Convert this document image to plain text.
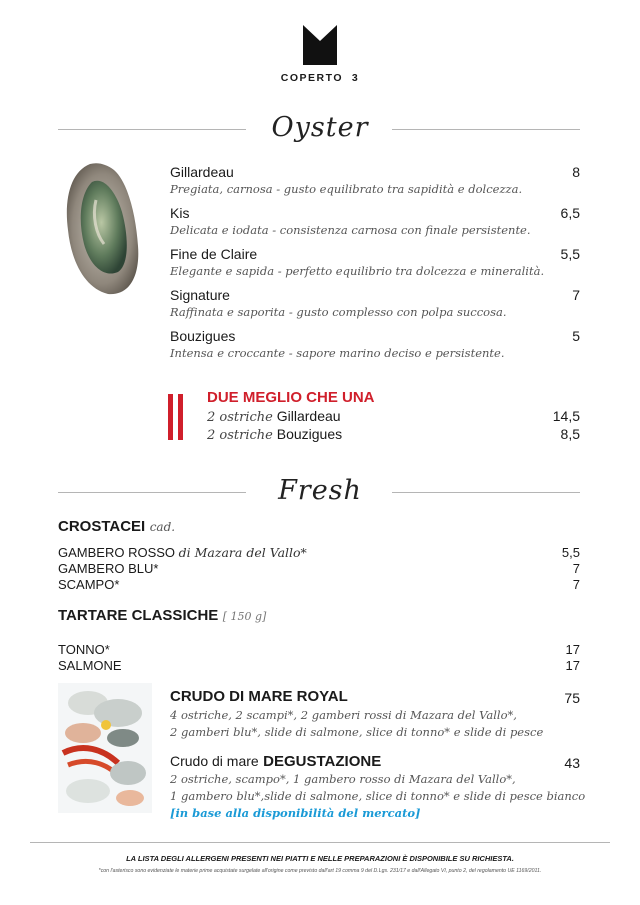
COPERTO  3
Oyster
Gillardeau
Pregiata, carnosa - gusto equilibrato tra sapidità e dolcezza.
8
Kis
Delicata e iodata - consistenza carnosa con finale persistente.
6,5
Fine de Claire
Elegante e sapida - perfetto equilibrio tra dolcezza e mineralità.
5,5
Signature
Raffinata e saporita - gusto complesso con polpa succosa.
7
Bouzigues
Intensa e croccante - sapore marino deciso e persistente.
5
DUE MEGLIO CHE UNA
2 ostriche Gillardeau	14,5
2 ostriche Bouzigues	8,5
Fresh
CROSTACEI cad.
GAMBERO ROSSO di Mazara del Vallo*	5,5
GAMBERO BLU*	7
SCAMPO*	7
TARTARE CLASSICHE [ 150 g]
TONNO*	17
SALMONE	17
CRUDO DI MARE ROYAL	75
4 ostriche, 2 scampi*, 2 gamberi rossi di Mazara del Vallo*,
2 gamberi blu*, slide di salmone, slice di tonno* e slide di pesce
Crudo di mare DEGUSTAZIONE	43
2 ostriche, scampo*, 1 gambero rosso di Mazara del Vallo*,
1 gambero blu*,slide di salmone, slice di tonno* e slide di pesce bianco
[in base alla disponibilità del mercato]
LA LISTA DEGLI ALLERGENI PRESENTI NEI PIATTI E NELLE PREPARAZIONI È DISPONIBILE SU RICHIESTA.
*con l'asterisco sono evidenziate le materie prime acquistate surgelate all'origine come previsto dall'art 19 comma 9 del D.Lgs. 231/17 e dall'Allegato VI, punto 2, del regolamento UE 1169/2011.
